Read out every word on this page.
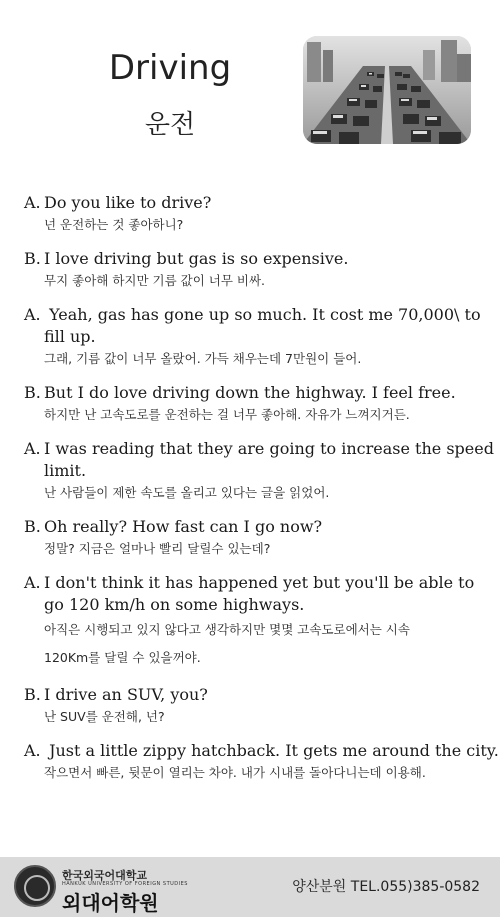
Driving
운전

A. Do you like to drive?

넌 운전하는 것 좋아하니?

B. I love driving but gas is so expensive.

무지 좋아해 하지만 기름 값이 너무 비싸.

A. Yeah, gas has gone up so much. It cost me 70,000\ to

fill up.

그래, 기름 값이 너무 올랐어. 가득 채우는데 7만원이 들어.

B. But I do love driving down the highway. I feel free.

하지만 난 고속도로를 운전하는 걸 너무 좋아해. 자유가 느껴지거든.

A. I was reading that they are going to increase the speed

limit.

난 사람들이 제한 속도를 올리고 있다는 글을 읽었어.

B. Oh really? How fast can I go now?

정말? 지금은 얼마나 빨리 달릴수 있는데?

A. I don't think it has happened yet but you'll be able to

go 120 km/h on some highways.

아직은 시행되고 있지 않다고 생각하지만 몇몇 고속도로에서는 시속

120Km를 달릴 수 있을꺼야.

B. I drive an SUV, you?

난 SUV를 운전해, 넌?

A. Just a little zippy hatchback. It gets me around the city.

작으면서 빠른, 뒷문이 열리는 차야. 내가 시내를 돌아다니는데 이용해.

한국외국어대학교
HANKUK UNIVERSITY OF FOREIGN STUDIES
외대어학원
양산분원 TEL.055)385-0582
